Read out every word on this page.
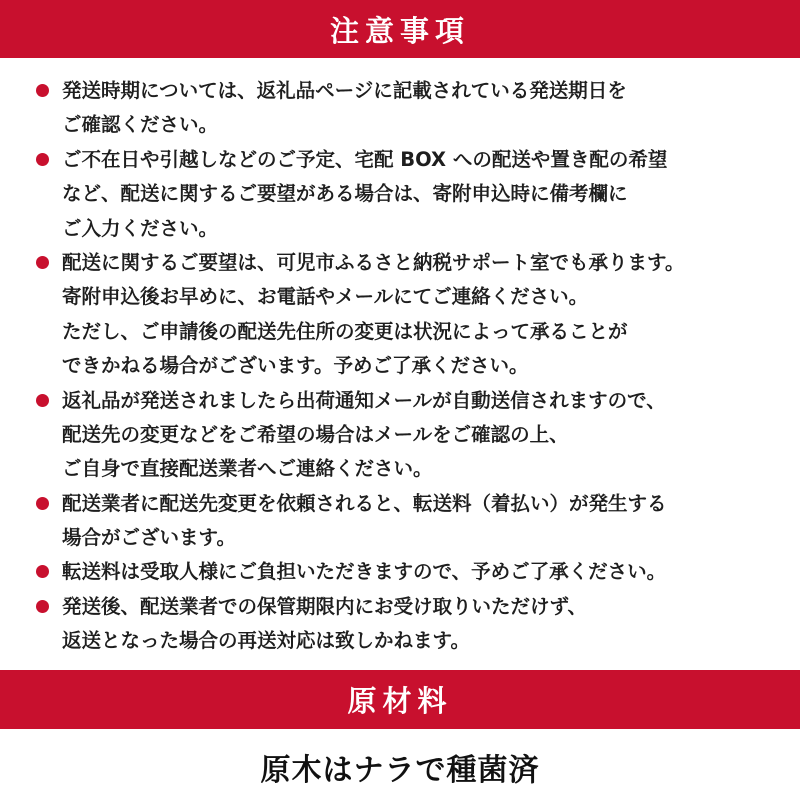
注意事項
発送時期については、返礼品ページに記載されている発送期日を
ご確認ください。
ご不在日や引越しなどのご予定、宅配 BOX への配送や置き配の希望
など、配送に関するご要望がある場合は、寄附申込時に備考欄に
ご入力ください。
配送に関するご要望は、可児市ふるさと納税サポート室でも承ります。
寄附申込後お早めに、お電話やメールにてご連絡ください。
ただし、ご申請後の配送先住所の変更は状況によって承ることが
できかねる場合がございます。予めご了承ください。
返礼品が発送されましたら出荷通知メールが自動送信されますので、
配送先の変更などをご希望の場合はメールをご確認の上、
ご自身で直接配送業者へご連絡ください。
配送業者に配送先変更を依頼されると、転送料（着払い）が発生する
場合がございます。
転送料は受取人様にご負担いただきますので、予めご了承ください。
発送後、配送業者での保管期限内にお受け取りいただけず、
返送となった場合の再送対応は致しかねます。
原材料
原木はナラで種菌済
